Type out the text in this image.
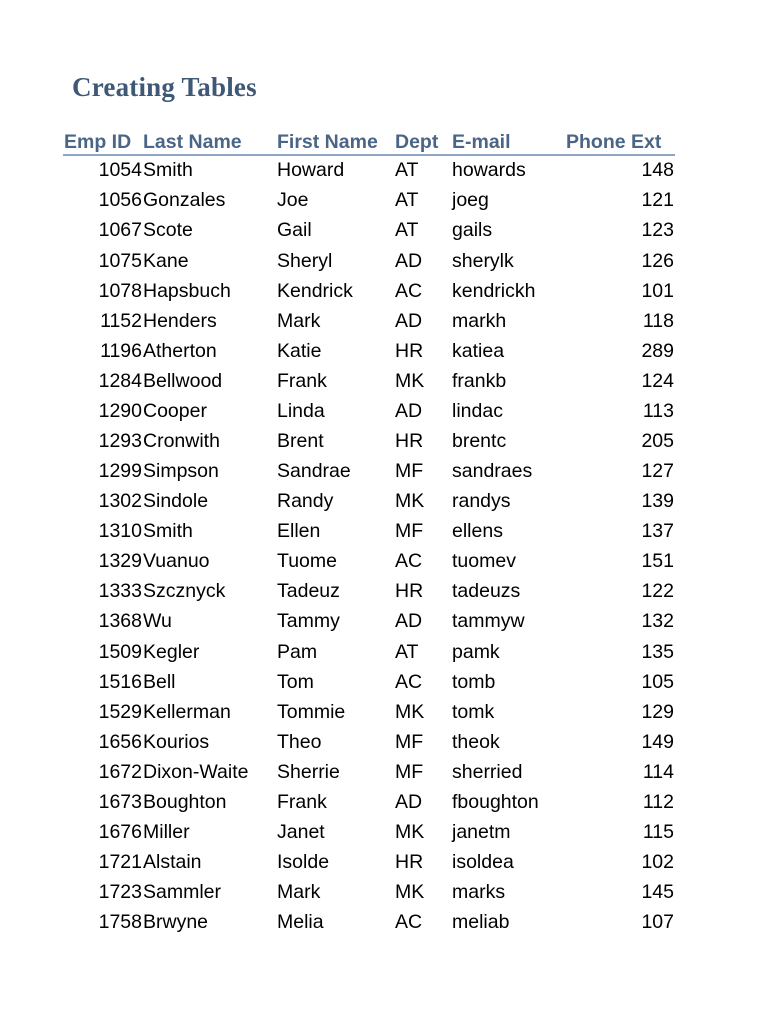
Creating Tables
Emp ID	Last Name	First Name	Dept	E-mail	Phone Ext
1054	Smith	Howard	AT	howards	148
1056	Gonzales	Joe	AT	joeg	121
1067	Scote	Gail	AT	gails	123
1075	Kane	Sheryl	AD	sherylk	126
1078	Hapsbuch	Kendrick	AC	kendrickh	101
1152	Henders	Mark	AD	markh	118
1196	Atherton	Katie	HR	katiea	289
1284	Bellwood	Frank	MK	frankb	124
1290	Cooper	Linda	AD	lindac	113
1293	Cronwith	Brent	HR	brentc	205
1299	Simpson	Sandrae	MF	sandraes	127
1302	Sindole	Randy	MK	randys	139
1310	Smith	Ellen	MF	ellens	137
1329	Vuanuo	Tuome	AC	tuomev	151
1333	Szcznyck	Tadeuz	HR	tadeuzs	122
1368	Wu	Tammy	AD	tammyw	132
1509	Kegler	Pam	AT	pamk	135
1516	Bell	Tom	AC	tomb	105
1529	Kellerman	Tommie	MK	tomk	129
1656	Kourios	Theo	MF	theok	149
1672	Dixon-Waite	Sherrie	MF	sherried	114
1673	Boughton	Frank	AD	fboughton	112
1676	Miller	Janet	MK	janetm	115
1721	Alstain	Isolde	HR	isoldea	102
1723	Sammler	Mark	MK	marks	145
1758	Brwyne	Melia	AC	meliab	107
